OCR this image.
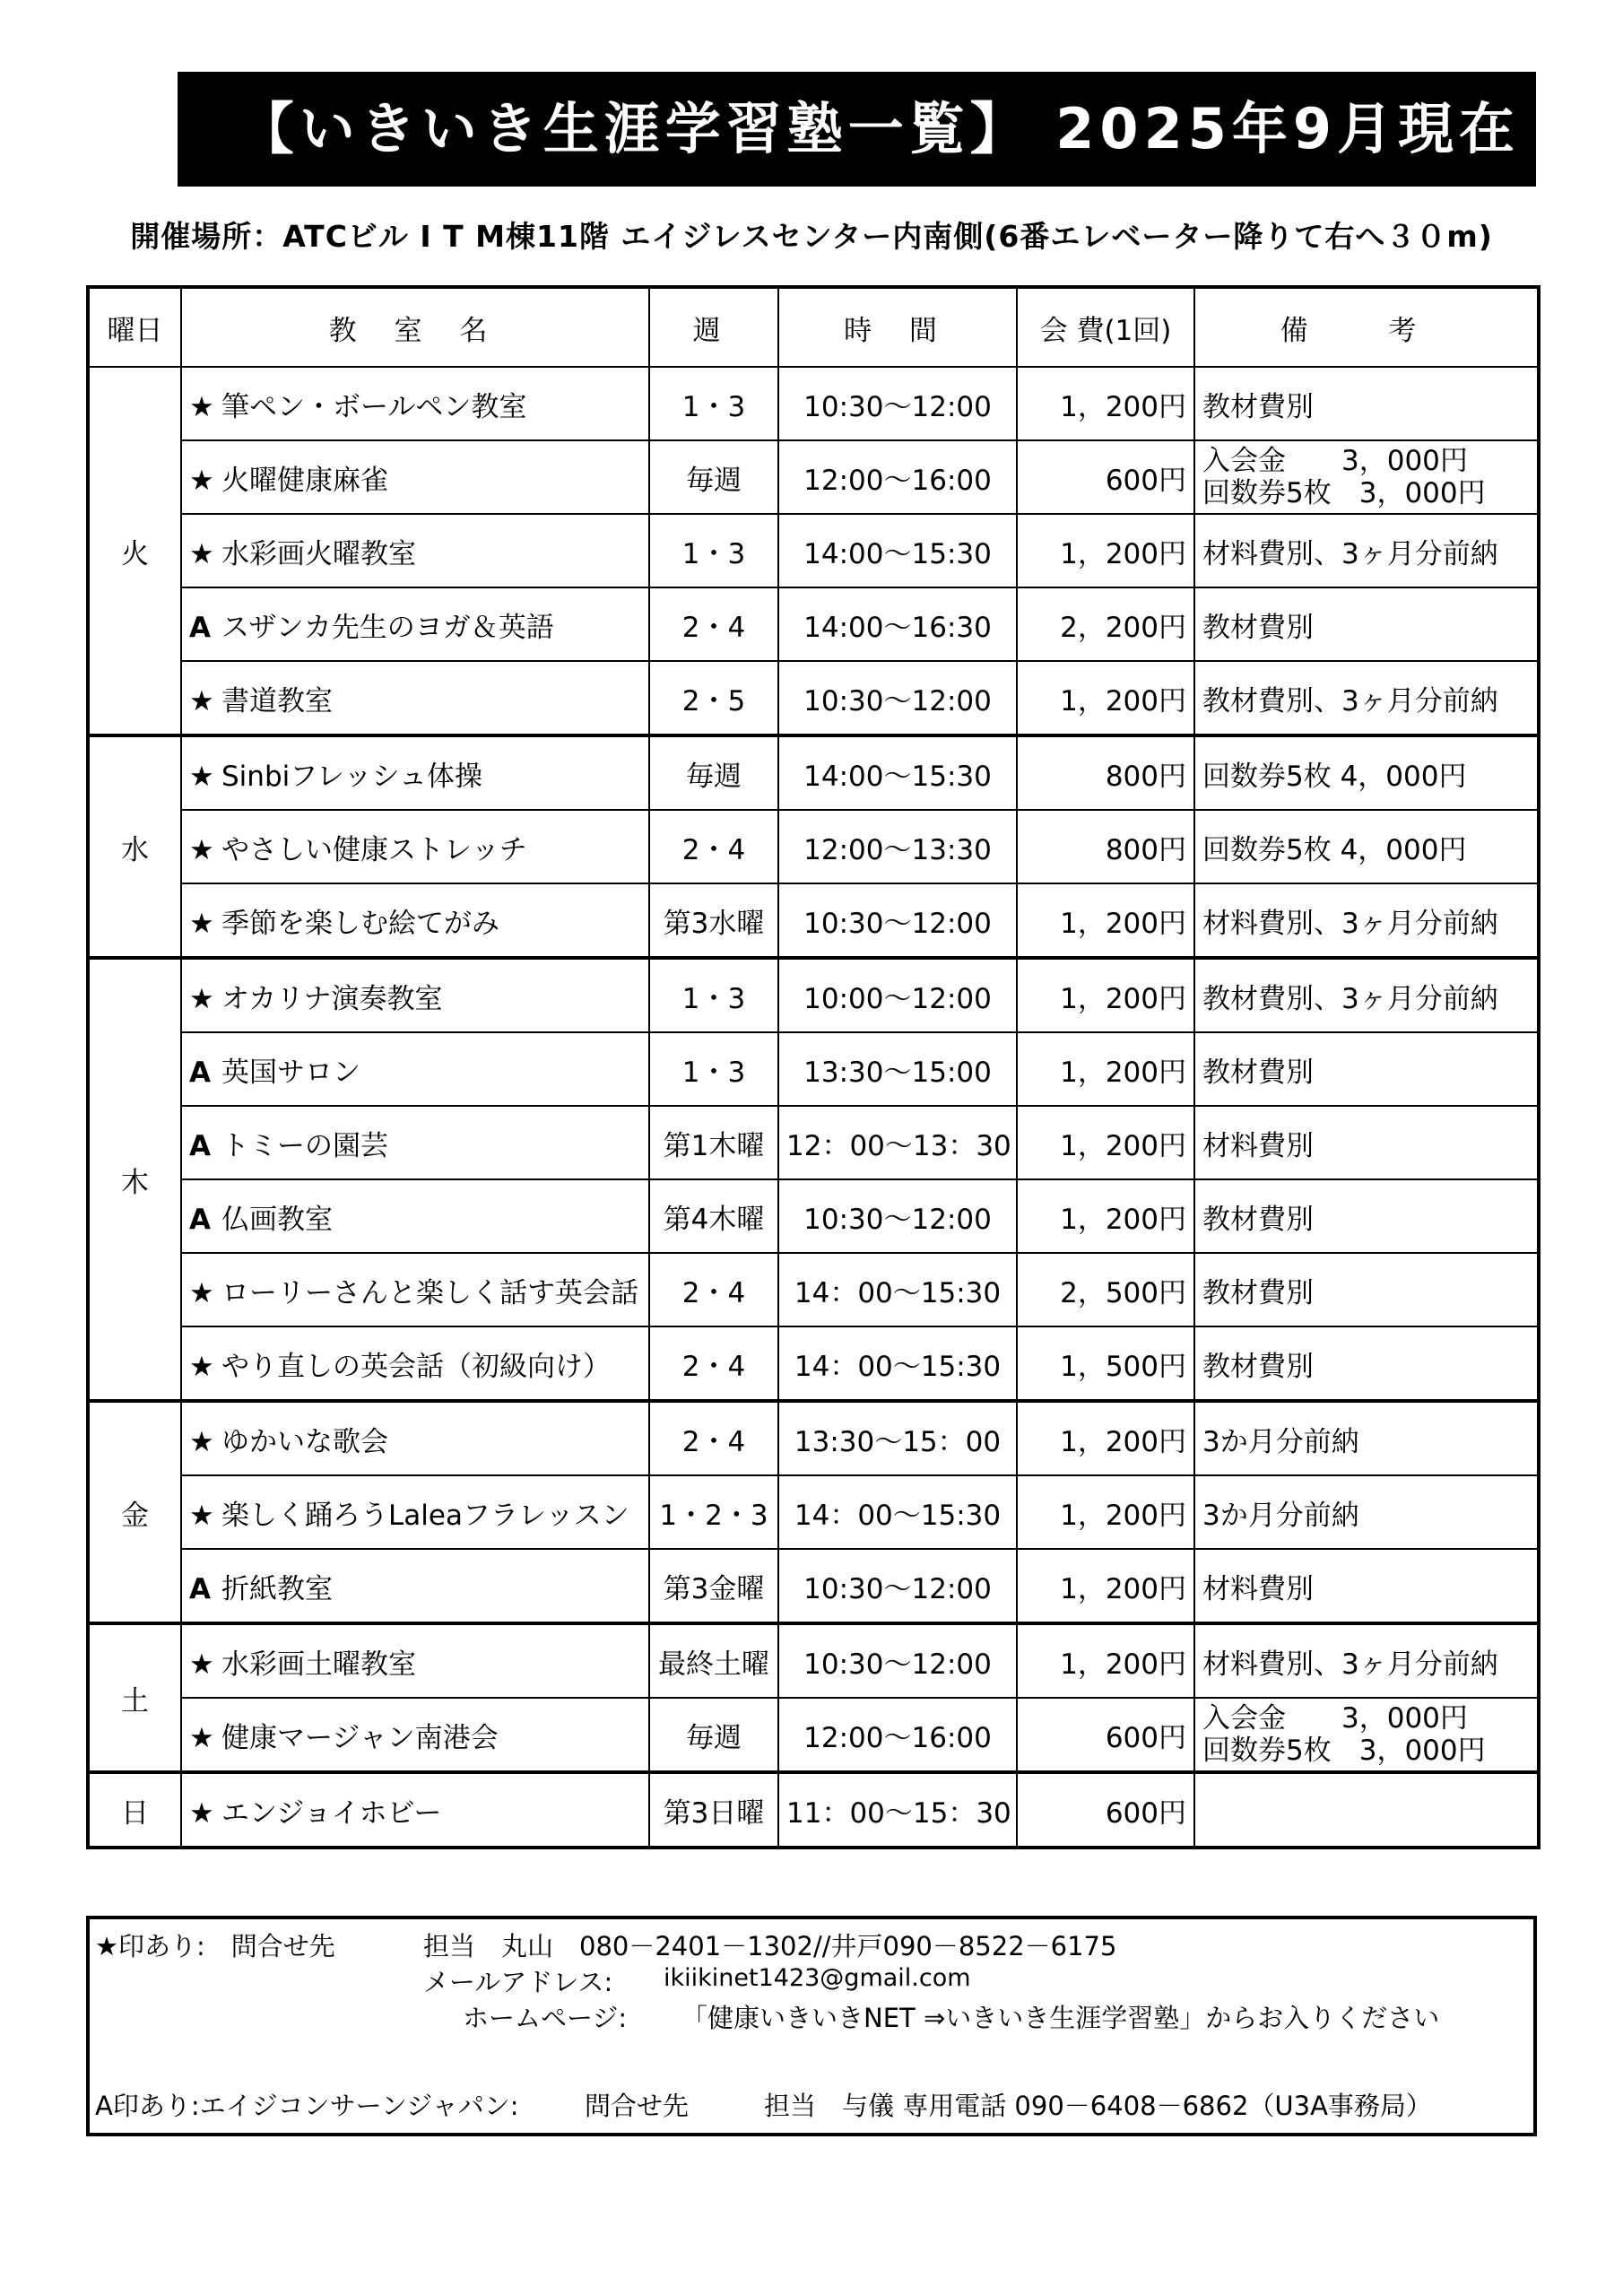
【いきいき生涯学習塾一覧】 2025年9月現在
開催場所：ATCビル I T M棟11階 エイジレスセンター内南側(6番エレベーター降りて右へ３０m)
曜日	教 室 名	週	時 間	会 費(1回)	備 考
火	★ 筆ペン・ボールペン教室	1・3	10:30～12:00	1，200円	教材費別
	★ 火曜健康麻雀	毎週	12:00～16:00	600円	入会金　　3，000円
回数券5枚　3，000円

	★ 水彩画火曜教室	1・3	14:00～15:30	1，200円	材料費別、3ヶ月分前納
	A スザンカ先生のヨガ＆英語	2・4	14:00～16:30	2，200円	教材費別
	★ 書道教室	2・5	10:30～12:00	1，200円	教材費別、3ヶ月分前納
水	★ Sinbiフレッシュ体操	毎週	14:00～15:30	800円	回数券5枚 4，000円
	★ やさしい健康ストレッチ	2・4	12:00～13:30	800円	回数券5枚 4，000円
	★ 季節を楽しむ絵てがみ	第3水曜	10:30～12:00	1，200円	材料費別、3ヶ月分前納
木	★ オカリナ演奏教室	1・3	10:00～12:00	1，200円	教材費別、3ヶ月分前納
	A 英国サロン	1・3	13:30～15:00	1，200円	教材費別
	A トミーの園芸	第1木曜	12：00～13：30	1，200円	材料費別
	A 仏画教室	第4木曜	10:30～12:00	1，200円	教材費別
	★ ローリーさんと楽しく話す英会話	2・4	14：00～15:30	2，500円	教材費別
	★ やり直しの英会話（初級向け）	2・4	14：00～15:30	1，500円	教材費別
金	★ ゆかいな歌会	2・4	13:30～15：00	1，200円	3か月分前納
	★ 楽しく踊ろうLaleaフラレッスン	1・2・3	14：00～15:30	1，200円	3か月分前納
	A 折紙教室	第3金曜	10:30～12:00	1，200円	材料費別
土	★ 水彩画土曜教室	最終土曜	10:30～12:00	1，200円	材料費別、3ヶ月分前納
	★ 健康マージャン南港会	毎週	12:00～16:00	600円	入会金　　3，000円
回数券5枚　3，000円

日	★ エンジョイホビー	第3日曜	11：00～15：30	600円	
★印あり:　問合せ先	担当　丸山　080－2401－1302//井戸090－8522－6175
メールアドレス: ikiikinet1423@gmail.com
ホームページ: 「健康いきいきNET ⇒いきいき生涯学習塾」からお入りください
A印あり:エイジコンサーンジャパン:	問合せ先	担当　与儀 専用電話 090－6408－6862（U3A事務局）
